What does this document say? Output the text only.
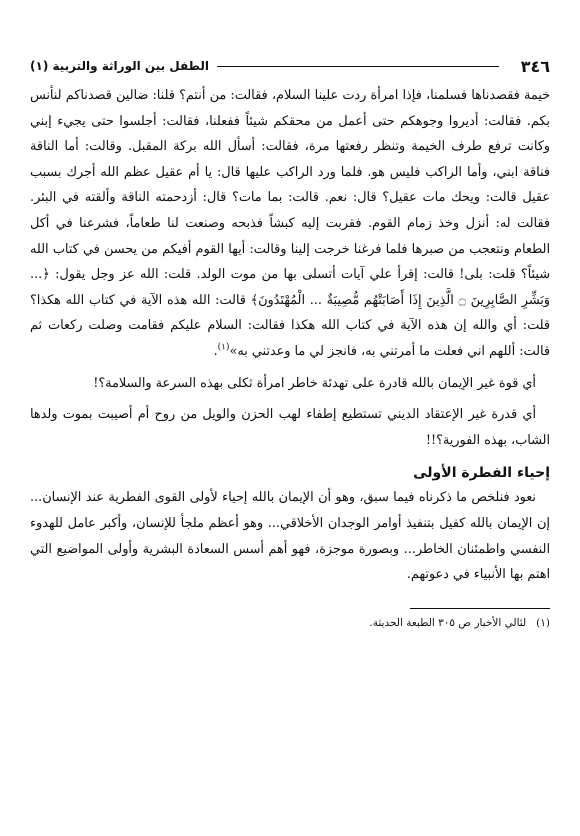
٣٤٦
الطفل بين الوراثة والتربية (١)

خيمة فقصدناها فسلمنا، فإذا امرأة ردت علينا السلام، فقالت: من أنتم؟ قلنا: ضالين قصدناكم لنأنس بكم. فقالت: أديروا وجوهكم حتى أعمل من محقكم شيئاً ففعلنا، فقالت: أجلسوا حتى يجيء إبني وكانت ترفع طرف الخيمة وتنظر رفعتها مرة، فقالت: أسأل الله بركة المقبل. وقالت: أما الناقة فناقة ابني، وأما الراكب فليس هو. فلما ورد الراكب عليها قال: يا أم عقيل عظم الله أجرك بسبب عقيل قالت: ويحك مات عقيل؟ قال: نعم. قالت: بما مات؟ قال: أزدحمته الناقة وألقته في البئر. فقالت له: أنزل وخذ زمام القوم. فقربت إليه كبشاً فذبحه وصنعت لنا طعاماً، فشرعنا في أكل الطعام ونتعجب من صبرها فلما فرغنا خرجت إلينا وقالت: أيها القوم أفيكم من يحسن في كتاب الله شيئاً؟ قلت: بلى! قالت: إقرأ علي آيات أتسلى بها من موت الولد. قلت: الله عز وجل يقول: ﴿... وَبَشِّرِ الصَّابِرِينَ ۝ الَّذِينَ إِذَا أَصَابَتْهُم مُّصِيبَةٌ ... الْمُهْتَدُونَ﴾ قالت: الله هذه الآية في كتاب الله هكذا؟ قلت: أي والله إن هذه الآية في كتاب الله هكذا فقالت: السلام عليكم فقامت وصلت ركعات ثم قالت: أللهم اني فعلت ما أمرتني به، فانجز لي ما وعدتني به»$^{(١)}$.

أي قوة غير الإيمان بالله قادرة على تهدئة خاطر امرأة ثكلى بهذه السرعة والسلامة؟!

أي قدرة غير الإعتقاد الديني تستطيع إطفاء لهب الحزن والويل من روح أم أصيبت بموت ولدها الشاب، بهذه الفورية؟!!

إحياء الفطرة الأولى

نعود فنلخص ما ذكرناه فيما سبق، وهو أن الإيمان بالله إحياء لأولى القوى الفطرية عند الإنسان... إن الإيمان بالله كفيل بتنفيذ أوامر الوجدان الأخلاقي... وهو أعظم ملجأ للإنسان، وأكبر عامل للهدوء النفسي واطمئنان الخاطر... وبصورة موجزة، فهو أهم أسس السعادة البشرية وأولى المواضيع التي اهتم بها الأنبياء في دعوتهم.

(١)لئالي الأخبار ص ٣٠٥ الطبعة الحديثة.
